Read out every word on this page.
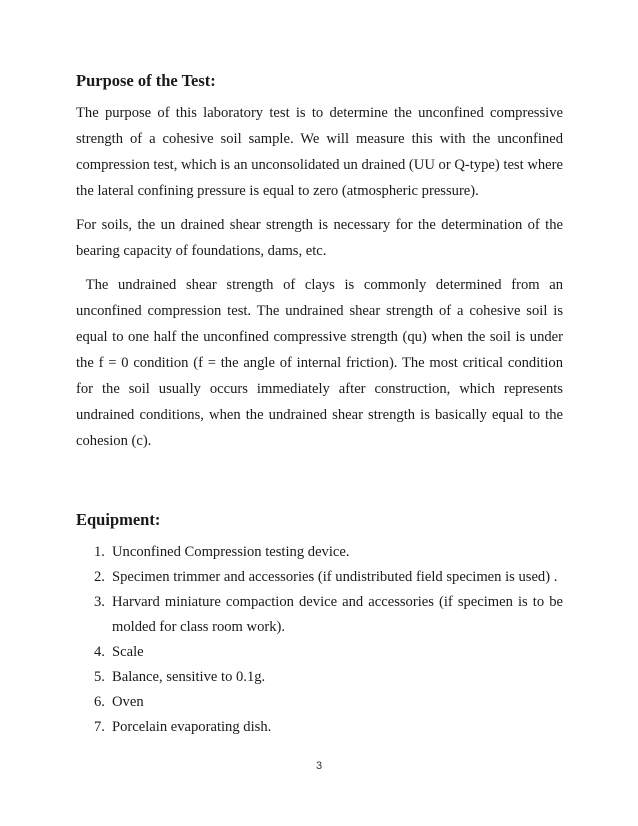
Purpose of the Test:

The purpose of this laboratory test is to determine the unconfined compressive strength of a cohesive soil sample. We will measure this with the unconfined compression test, which is an unconsolidated un drained (UU or Q-type) test where the lateral confining pressure is equal to zero (atmospheric pressure).

For soils, the un drained shear strength is necessary for the determination of the bearing capacity of foundations, dams, etc.

The undrained shear strength of clays is commonly determined from an unconfined compression test. The undrained shear strength of a cohesive soil is equal to one half the unconfined compressive strength (qu) when the soil is under the f = 0 condition (f = the angle of internal friction). The most critical condition for the soil usually occurs immediately after construction, which represents undrained conditions, when the undrained shear strength is basically equal to the cohesion (c).

Equipment:
1. Unconfined Compression testing device.
2. Specimen trimmer and accessories (if undistributed field specimen is used) .
3. Harvard miniature compaction device and accessories (if specimen is to be molded for class room work).
4. Scale
5. Balance, sensitive to 0.1g.
6. Oven
7. Porcelain evaporating dish.
3
